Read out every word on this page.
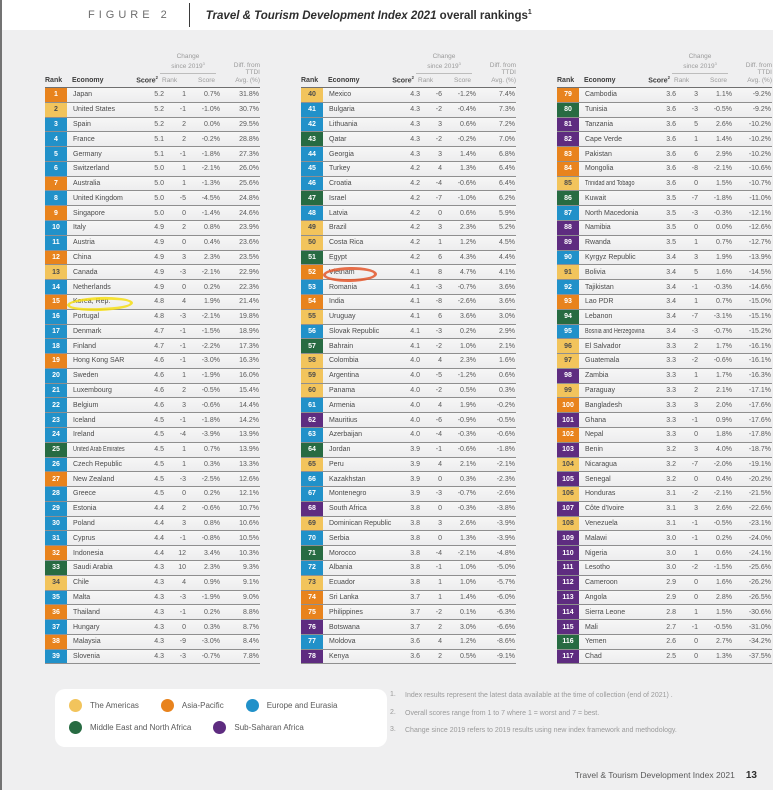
FIGURE 2	Travel & Tourism Development Index 2021 overall rankings$^1$
Rank Economy	Score$^2$
Change
since 2019$^3$
Rank	Score
Diff. from
TTDI
Avg. (%)
1	Japan	5.2	1	0.7%	31.8%
2	United States	5.2	-1	-1.0%	30.7%
3	Spain	5.2	2	0.0%	29.5%
4	France	5.1	2	-0.2%	28.8%
5	Germany	5.1	-1	-1.8%	27.3%
6	Switzerland	5.0	1	-2.1%	26.0%
7	Australia	5.0	1	-1.3%	25.6%
8	United Kingdom	5.0	-5	-4.5%	24.8%
9	Singapore	5.0	0	-1.4%	24.6%
10	Italy	4.9	2	0.8%	23.9%
11	Austria	4.9	0	0.4%	23.6%
12	China	4.9	3	2.3%	23.5%
13	Canada	4.9	-3	-2.1%	22.9%
14	Netherlands	4.9	0	0.2%	22.3%
15	Korea, Rep.	4.8	4	1.9%	21.4%
16	Portugal	4.8	-3	-2.1%	19.8%
17	Denmark	4.7	-1	-1.5%	18.9%
18	Finland	4.7	-1	-2.2%	17.3%
19	Hong Kong SAR	4.6	-1	-3.0%	16.3%
20	Sweden	4.6	1	-1.9%	16.0%
21	Luxembourg	4.6	2	-0.5%	15.4%
22	Belgium	4.6	3	-0.6%	14.4%
23	Iceland	4.5	-1	-1.8%	14.2%
24	Ireland	4.5	-4	-3.9%	13.9%
25	United Arab Emirates	4.5	1	0.7%	13.9%
26	Czech Republic	4.5	1	0.3%	13.3%
27	New Zealand	4.5	-3	-2.5%	12.6%
28	Greece	4.5	0	0.2%	12.1%
29	Estonia	4.4	2	-0.6%	10.7%
30	Poland	4.4	3	0.8%	10.6%
31	Cyprus	4.4	-1	-0.8%	10.5%
32	Indonesia	4.4	12	3.4%	10.3%
33	Saudi Arabia	4.3	10	2.3%	9.3%
34	Chile	4.3	4	0.9%	9.1%
35	Malta	4.3	-3	-1.9%	9.0%
36	Thailand	4.3	-1	0.2%	8.8%
37	Hungary	4.3	0	0.3%	8.7%
38	Malaysia	4.3	-9	-3.0%	8.4%
39	Slovenia	4.3	-3	-0.7%	7.8%
Rank Economy	Score$^2$
Change
since 2019$^3$
Rank	Score
Diff. from
TTDI
Avg. (%)
40	Mexico	4.3	-6	-1.2%	7.4%
41	Bulgaria	4.3	-2	-0.4%	7.3%
42	Lithuania	4.3	3	0.6%	7.2%
43	Qatar	4.3	-2	-0.2%	7.0%
44	Georgia	4.3	3	1.4%	6.8%
45	Turkey	4.2	4	1.3%	6.4%
46	Croatia	4.2	-4	-0.6%	6.4%
47	Israel	4.2	-7	-1.0%	6.2%
48	Latvia	4.2	0	0.6%	5.9%
49	Brazil	4.2	3	2.3%	5.2%
50	Costa Rica	4.2	1	1.2%	4.5%
51	Egypt	4.2	6	4.3%	4.4%
52	Vietnam	4.1	8	4.7%	4.1%
53	Romania	4.1	-3	-0.7%	3.6%
54	India	4.1	-8	-2.6%	3.6%
55	Uruguay	4.1	6	3.6%	3.0%
56	Slovak Republic	4.1	-3	0.2%	2.9%
57	Bahrain	4.1	-2	1.0%	2.1%
58	Colombia	4.0	4	2.3%	1.6%
59	Argentina	4.0	-5	-1.2%	0.6%
60	Panama	4.0	-2	0.5%	0.3%
61	Armenia	4.0	4	1.9%	-0.2%
62	Mauritius	4.0	-6	-0.9%	-0.5%
63	Azerbaijan	4.0	-4	-0.3%	-0.6%
64	Jordan	3.9	-1	-0.6%	-1.8%
65	Peru	3.9	4	2.1%	-2.1%
66	Kazakhstan	3.9	0	0.3%	-2.3%
67	Montenegro	3.9	-3	-0.7%	-2.6%
68	South Africa	3.8	0	-0.3%	-3.8%
69	Dominican Republic	3.8	3	2.6%	-3.9%
70	Serbia	3.8	0	1.3%	-3.9%
71	Morocco	3.8	-4	-2.1%	-4.8%
72	Albania	3.8	-1	1.0%	-5.0%
73	Ecuador	3.8	1	1.0%	-5.7%
74	Sri Lanka	3.7	1	1.4%	-6.0%
75	Philippines	3.7	-2	0.1%	-6.3%
76	Botswana	3.7	2	3.0%	-6.6%
77	Moldova	3.6	4	1.2%	-8.6%
78	Kenya	3.6	2	0.5%	-9.1%
Rank Economy	Score$^2$
Change
since 2019$^3$
Rank	Score
Diff. from
TTDI
Avg. (%)
79	Cambodia	3.6	3	1.1%	-9.2%
80	Tunisia	3.6	-3	-0.5%	-9.2%
81	Tanzania	3.6	5	2.6%	-10.2%
82	Cape Verde	3.6	1	1.4%	-10.2%
83	Pakistan	3.6	6	2.9%	-10.2%
84	Mongolia	3.6	-8	-2.1%	-10.6%
85	Trinidad and Tobago	3.6	0	1.5%	-10.7%
86	Kuwait	3.5	-7	-1.8%	-11.0%
87	North Macedonia	3.5	-3	-0.3%	-12.1%
88	Namibia	3.5	0	0.0%	-12.6%
89	Rwanda	3.5	1	0.7%	-12.7%
90	Kyrgyz Republic	3.4	3	1.9%	-13.9%
91	Bolivia	3.4	5	1.6%	-14.5%
92	Tajikistan	3.4	-1	-0.3%	-14.6%
93	Lao PDR	3.4	1	0.7%	-15.0%
94	Lebanon	3.4	-7	-3.1%	-15.1%
95	Bosnia and Herzegovina	3.4	-3	-0.7%	-15.2%
96	El Salvador	3.3	2	1.7%	-16.1%
97	Guatemala	3.3	-2	-0.6%	-16.1%
98	Zambia	3.3	1	1.7%	-16.3%
99	Paraguay	3.3	2	2.1%	-17.1%
100	Bangladesh	3.3	3	2.0%	-17.6%
101	Ghana	3.3	-1	0.9%	-17.6%
102	Nepal	3.3	0	1.8%	-17.8%
103	Benin	3.2	3	4.0%	-18.7%
104	Nicaragua	3.2	-7	-2.0%	-19.1%
105	Senegal	3.2	0	0.4%	-20.2%
106	Honduras	3.1	-2	-2.1%	-21.5%
107	Côte d'Ivoire	3.1	3	2.6%	-22.6%
108	Venezuela	3.1	-1	-0.5%	-23.1%
109	Malawi	3.0	-1	0.2%	-24.0%
110	Nigeria	3.0	1	0.6%	-24.1%
111	Lesotho	3.0	-2	-1.5%	-25.6%
112	Cameroon	2.9	0	1.6%	-26.2%
113	Angola	2.9	0	2.8%	-26.5%
114	Sierra Leone	2.8	1	1.5%	-30.6%
115	Mali	2.7	-1	-0.5%	-31.0%
116	Yemen	2.6	0	2.7%	-34.2%
117	Chad	2.5	0	1.3%	-37.5%
The Americas	Asia-Pacific	Europe and Eurasia
Middle East and North Africa	Sub-Saharan Africa
1.	Index results represent the latest data available at the time of collection (end of 2021) .
2.	Overall scores range from 1 to 7 where 1 = worst and 7 = best.
3.	Change since 2019 refers to 2019 results using new index framework and methodology.
Travel & Tourism Development Index 2021 13
